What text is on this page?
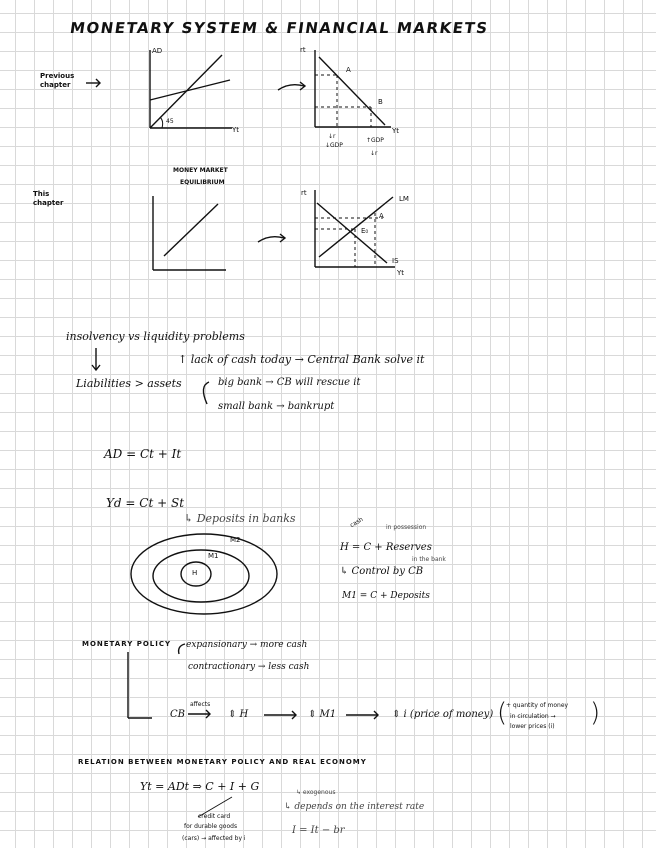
MONETARY SYSTEM & FINANCIAL MARKETS
Previous chapter
AD
Yt
45
rt
A
B
Yt
↓r
↓GDP
↑GDP
↓r
This chapter
MONEY MARKET
EQUILIBRIUM
rt
LM
IS
E₀
A
Yt
insolvency vs liquidity problems
↑ lack of cash today → Central Bank solve it
Liabilities > assets	big bank → CB will rescue it
small bank → bankrupt
AD = Ct + It
Yd = Ct + St
↳ Deposits in banks
M2
M1
H
cash	in possession
H = C + Reserves
in the bank
↳ Control by CB
M1 = C + Deposits
MONETARY POLICY expansionary → more cash
contractionary → less cash
CB
affects
⇕ H	⇕ M1	⇕ i (price of money) (
+ quantity of money
in circulation →
lower prices (i) )
RELATION BETWEEN MONETARY POLICY AND REAL ECONOMY
Yt = ADt ⇒ C + I + G	↳ exogenous
↳ depends on the interest rate
credit card
for durable goods
(cars) → affected by i
I = It − br
